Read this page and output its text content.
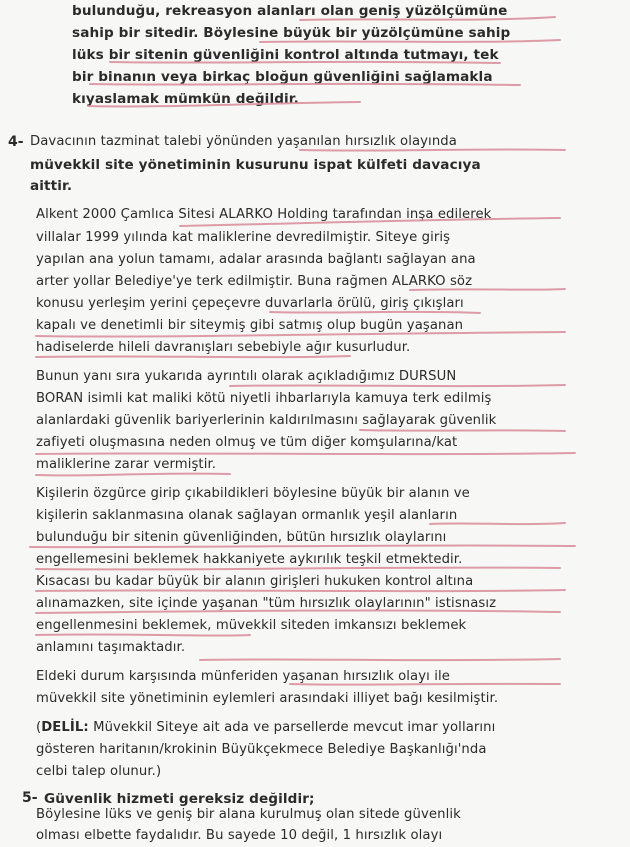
bulunduğu, rekreasyon alanları olan geniş yüzölçümüne
sahip bir sitedir. Böylesine büyük bir yüzölçümüne sahip
lüks bir sitenin güvenliğini kontrol altında tutmayı, tek
bir binanın veya birkaç bloğun güvenliğini sağlamakla
kıyaslamak mümkün değildir.
4- Davacının tazminat talebi yönünden yaşanılan hırsızlık olayında
müvekkil site yönetiminin kusurunu ispat külfeti davacıya
aittir.
Alkent 2000 Çamlıca Sitesi ALARKO Holding tarafından inşa edilerek
villalar 1999 yılında kat maliklerine devredilmiştir. Siteye giriş
yapılan ana yolun tamamı, adalar arasında bağlantı sağlayan ana
arter yollar Belediye'ye terk edilmiştir. Buna rağmen ALARKO söz
konusu yerleşim yerini çepeçevre duvarlarla örülü, giriş çıkışları
kapalı ve denetimli bir siteymiş gibi satmış olup bugün yaşanan
hadiselerde hileli davranışları sebebiyle ağır kusurludur.
Bunun yanı sıra yukarıda ayrıntılı olarak açıkladığımız DURSUN
BORAN isimli kat maliki kötü niyetli ihbarlarıyla kamuya terk edilmiş
alanlardaki güvenlik bariyerlerinin kaldırılmasını sağlayarak güvenlik
zafiyeti oluşmasına neden olmuş ve tüm diğer komşularına/kat
maliklerine zarar vermiştir.
Kişilerin özgürce girip çıkabildikleri böylesine büyük bir alanın ve
kişilerin saklanmasına olanak sağlayan ormanlık yeşil alanların
bulunduğu bir sitenin güvenliğinden, bütün hırsızlık olaylarını
engellemesini beklemek hakkaniyete aykırılık teşkil etmektedir.
Kısacası bu kadar büyük bir alanın girişleri hukuken kontrol altına
alınamazken, site içinde yaşanan "tüm hırsızlık olaylarının" istisnasız
engellenmesini beklemek, müvekkil siteden imkansızı beklemek
anlamını taşımaktadır.
Eldeki durum karşısında münferiden yaşanan hırsızlık olayı ile
müvekkil site yönetiminin eylemleri arasındaki illiyet bağı kesilmiştir.
(DELİL: Müvekkil Siteye ait ada ve parsellerde mevcut imar yollarını
gösteren haritanın/krokinin Büyükçekmece Belediye Başkanlığı'nda
celbi talep olunur.)
5- Güvenlik hizmeti gereksiz değildir;
Böylesine lüks ve geniş bir alana kurulmuş olan sitede güvenlik
olması elbette faydalıdır. Bu sayede 10 değil, 1 hırsızlık olayı
